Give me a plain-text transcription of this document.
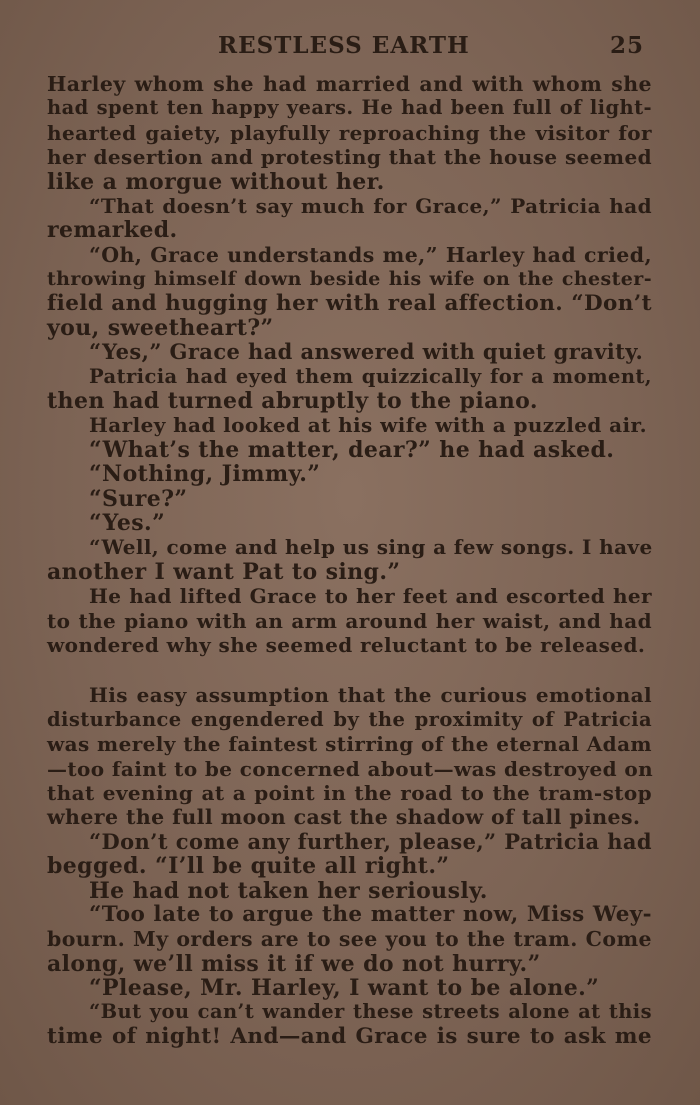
RESTLESS EARTH	25
Harley whom she had married and with whom she
had spent ten happy years. He had been full of light-
hearted gaiety, playfully reproaching the visitor for
her desertion and protesting that the house seemed
like a morgue without her.
“That doesn’t say much for Grace,” Patricia had
remarked.
“Oh, Grace understands me,” Harley had cried,
throwing himself down beside his wife on the chester-
field and hugging her with real affection. “Don’t
you, sweetheart?”
“Yes,” Grace had answered with quiet gravity.
Patricia had eyed them quizzically for a moment,
then had turned abruptly to the piano.
Harley had looked at his wife with a puzzled air.
“What’s the matter, dear?” he had asked.
“Nothing, Jimmy.”
“Sure?”
“Yes.”
“Well, come and help us sing a few songs. I have
another I want Pat to sing.”
He had lifted Grace to her feet and escorted her
to the piano with an arm around her waist, and had
wondered why she seemed reluctant to be released.
His easy assumption that the curious emotional
disturbance engendered by the proximity of Patricia
was merely the faintest stirring of the eternal Adam
—too faint to be concerned about—was destroyed on
that evening at a point in the road to the tram-stop
where the full moon cast the shadow of tall pines.
“Don’t come any further, please,” Patricia had
begged. “I’ll be quite all right.”
He had not taken her seriously.
“Too late to argue the matter now, Miss Wey-
bourn. My orders are to see you to the tram. Come
along, we’ll miss it if we do not hurry.”
“Please, Mr. Harley, I want to be alone.”
“But you can’t wander these streets alone at this
time of night! And—and Grace is sure to ask me
